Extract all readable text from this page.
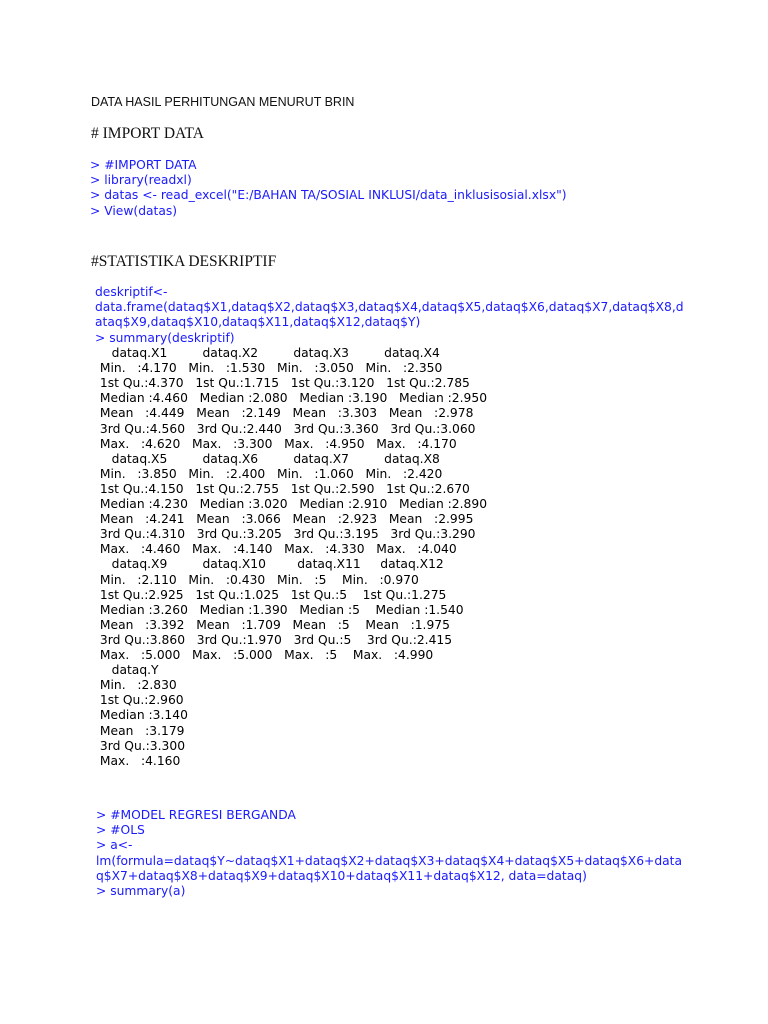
DATA HASIL PERHITUNGAN MENURUT BRIN
# IMPORT DATA
> #IMPORT DATA
> library(readxl)
> datas <- read_excel("E:/BAHAN TA/SOSIAL INKLUSI/data_inklusisosial.xlsx")
> View(datas)
#STATISTIKA DESKRIPTIF
deskriptif<-
data.frame(dataq$X1,dataq$X2,dataq$X3,dataq$X4,dataq$X5,dataq$X6,dataq$X7,dataq$X8,d
ataq$X9,dataq$X10,dataq$X11,dataq$X12,dataq$Y)
> summary(deskriptif)
dataq.X1         dataq.X2         dataq.X3         dataq.X4
Min.   :4.170   Min.   :1.530   Min.   :3.050   Min.   :2.350
1st Qu.:4.370   1st Qu.:1.715   1st Qu.:3.120   1st Qu.:2.785
Median :4.460   Median :2.080   Median :3.190   Median :2.950
Mean   :4.449   Mean   :2.149   Mean   :3.303   Mean   :2.978
3rd Qu.:4.560   3rd Qu.:2.440   3rd Qu.:3.360   3rd Qu.:3.060
Max.   :4.620   Max.   :3.300   Max.   :4.950   Max.   :4.170
dataq.X5         dataq.X6         dataq.X7         dataq.X8
Min.   :3.850   Min.   :2.400   Min.   :1.060   Min.   :2.420
1st Qu.:4.150   1st Qu.:2.755   1st Qu.:2.590   1st Qu.:2.670
Median :4.230   Median :3.020   Median :2.910   Median :2.890
Mean   :4.241   Mean   :3.066   Mean   :2.923   Mean   :2.995
3rd Qu.:4.310   3rd Qu.:3.205   3rd Qu.:3.195   3rd Qu.:3.290
Max.   :4.460   Max.   :4.140   Max.   :4.330   Max.   :4.040
dataq.X9         dataq.X10        dataq.X11     dataq.X12
Min.   :2.110   Min.   :0.430   Min.   :5    Min.   :0.970
1st Qu.:2.925   1st Qu.:1.025   1st Qu.:5    1st Qu.:1.275
Median :3.260   Median :1.390   Median :5    Median :1.540
Mean   :3.392   Mean   :1.709   Mean   :5    Mean   :1.975
3rd Qu.:3.860   3rd Qu.:1.970   3rd Qu.:5    3rd Qu.:2.415
Max.   :5.000   Max.   :5.000   Max.   :5    Max.   :4.990
dataq.Y
Min.   :2.830
1st Qu.:2.960
Median :3.140
Mean   :3.179
3rd Qu.:3.300
Max.   :4.160
> #MODEL REGRESI BERGANDA
> #OLS
> a<-
lm(formula=dataq$Y~dataq$X1+dataq$X2+dataq$X3+dataq$X4+dataq$X5+dataq$X6+data
q$X7+dataq$X8+dataq$X9+dataq$X10+dataq$X11+dataq$X12, data=dataq)
> summary(a)
